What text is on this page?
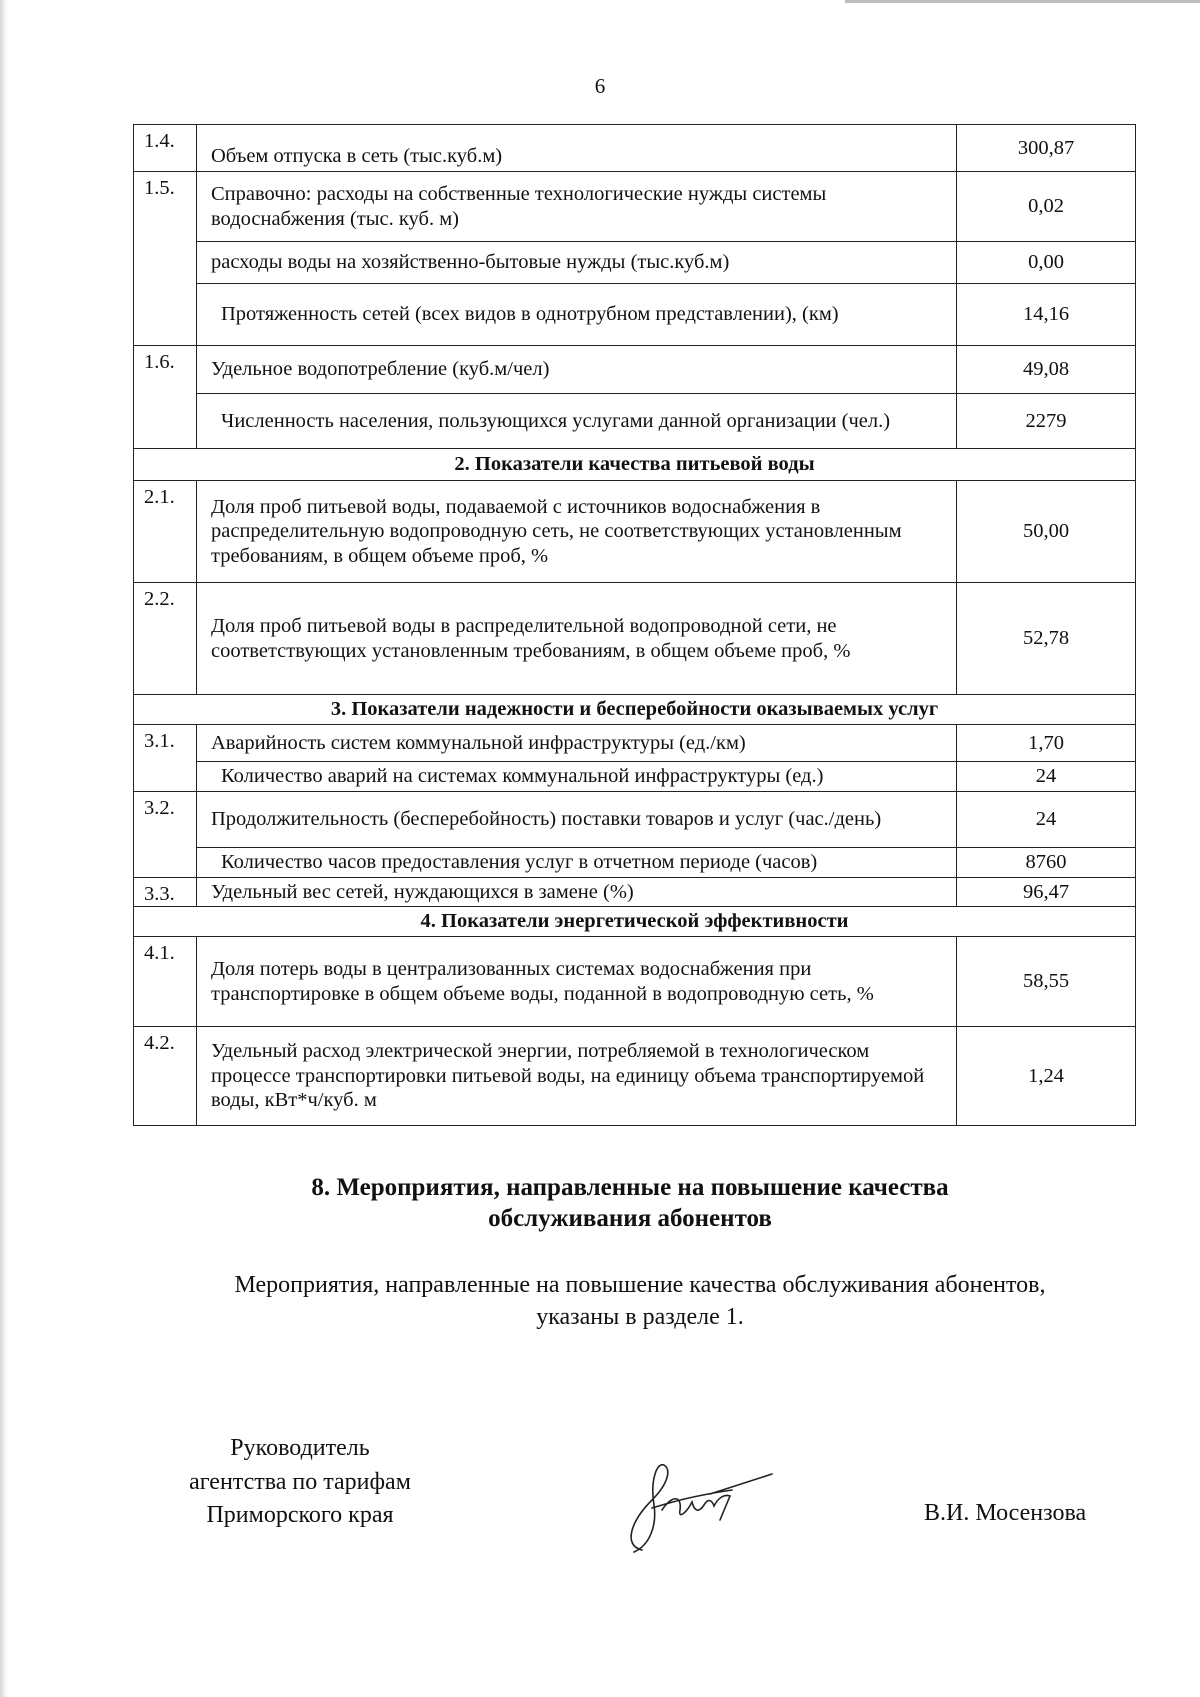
6
1.4.	Объем отпуска в сеть (тыс.куб.м)	300,87
1.5.	Справочно: расходы на собственные технологические нужды системы водоснабжения (тыс. куб. м)	0,02
	расходы воды на хозяйственно-бытовые нужды (тыс.куб.м)	0,00
	Протяженность сетей (всех видов в однотрубном представлении), (км)	14,16
1.6.	Удельное водопотребление (куб.м/чел)	49,08
	Численность населения, пользующихся услугами данной организации (чел.)	2279
2. Показатели качества питьевой воды		
2.1.	Доля проб питьевой воды, подаваемой с источников водоснабжения в распределительную водопроводную сеть, не соответствующих установленным требованиям, в общем объеме проб, %	50,00
2.2.	Доля проб питьевой воды в распределительной водопроводной сети, не соответствующих установленным требованиям, в общем объеме проб, %	52,78
3. Показатели надежности и бесперебойности оказываемых услуг		
3.1.	Аварийность систем коммунальной инфраструктуры (ед./км)	1,70
	Количество аварий на системах коммунальной инфраструктуры (ед.)	24
3.2.	Продолжительность (бесперебойность) поставки товаров и услуг (час./день)	24
	Количество часов предоставления услуг в отчетном периоде (часов)	8760
3.3.	Удельный вес сетей, нуждающихся в замене (%)	96,47
4. Показатели энергетической эффективности		
4.1.	Доля потерь воды в централизованных системах водоснабжения при транспортировке в общем объеме воды, поданной в водопроводную сеть, %	58,55
4.2.	Удельный расход электрической энергии, потребляемой в технологическом процессе транспортировки питьевой воды, на единицу объема транспортируемой воды, кВт*ч/куб. м	1,24
8. Мероприятия, направленные на повышение качества
обслуживания абонентов
Мероприятия, направленные на повышение качества обслуживания абонентов,
указаны в разделе 1.
Руководитель
агентства по тарифам
Приморского края	В.И. Мосензова
